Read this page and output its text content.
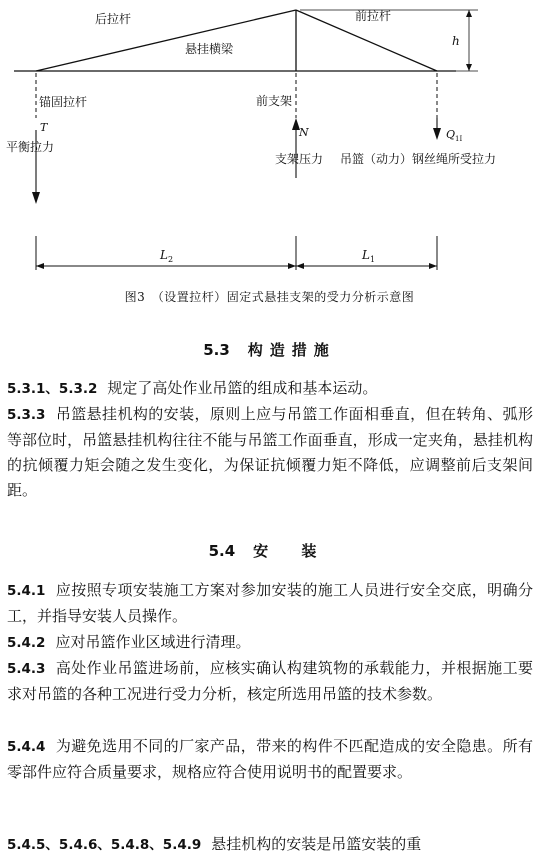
后拉杆	前拉杆
h
悬挂横梁
锚固拉杆	前支架
T	N	$Q_{1I}$
平衡拉力
支架压力 吊篮（动力）钢丝绳所受拉力
$L_2$	$L_1$
图3　（设置拉杆）固定式悬挂支架的受力分析示意图
5.3 构造措施

5.3.1、5.3.2 规定了高处作业吊篮的组成和基本运动。

5.3.3 吊篮悬挂机构的安装，原则上应与吊篮工作面相垂直，但在转角、弧形等部位时，吊篮悬挂机构往往不能与吊篮工作面垂直，形成一定夹角，悬挂机构的抗倾覆力矩会随之发生变化，为保证抗倾覆力矩不降低，应调整前后支架间距。

5.4 安 装

5.4.1 应按照专项安装施工方案对参加安装的施工人员进行安全交底，明确分工，并指导安装人员操作。

5.4.2 应对吊篮作业区域进行清理。

5.4.3 高处作业吊篮进场前，应核实确认构建筑物的承载能力，并根据施工要求对吊篮的各种工况进行受力分析，核定所选用吊篮的技术参数。

5.4.4 为避免选用不同的厂家产品，带来的构件不匹配造成的安全隐患。所有零部件应符合质量要求，规格应符合使用说明书的配置要求。

5.4.5、5.4.6、5.4.8、5.4.9 悬挂机构的安装是吊篮安装的重
